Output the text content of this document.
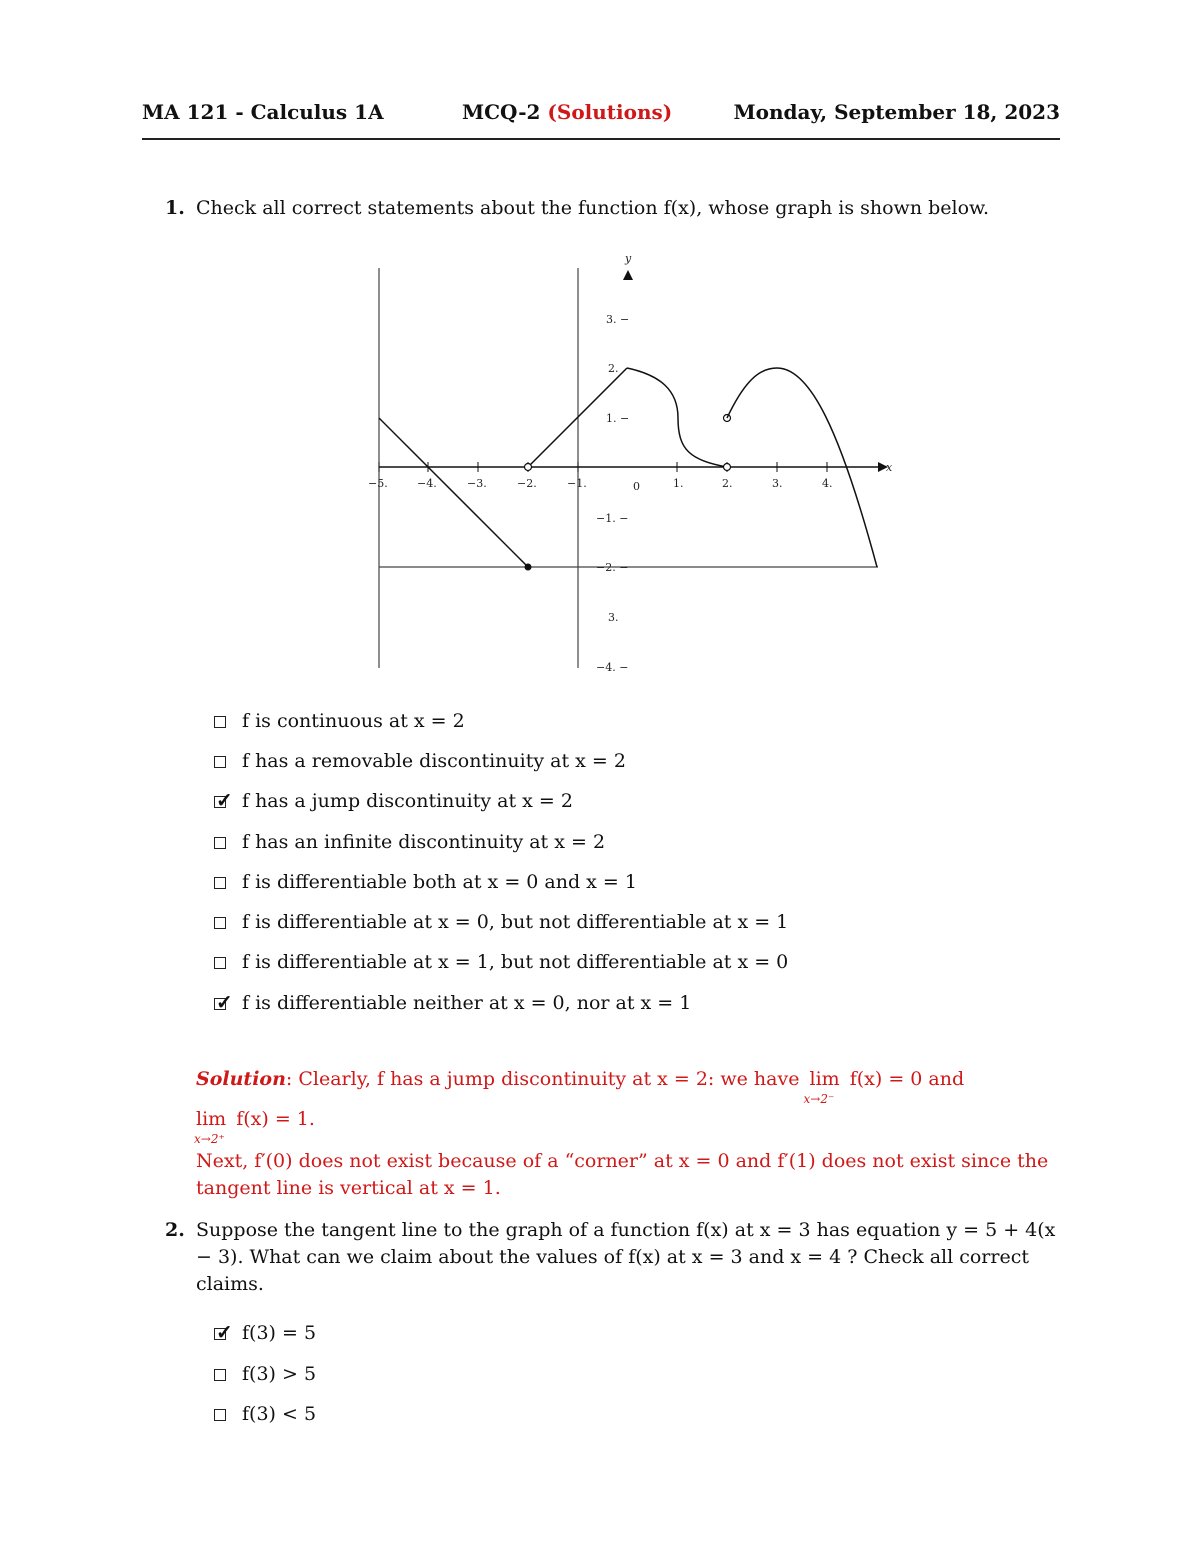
MA 121 - Calculus 1A	MCQ-2 (Solutions)	Monday, September 18, 2023
1. Check all correct statements about the function f(x), whose graph is shown below.
x
y
−5.	−4.	−3.	−2.	−1.	0	1.	2.	3.	4.
3. −
2.
1. −
−1. −
−2. −
3.
−4. −
f is continuous at x = 2
f has a removable discontinuity at x = 2
✓ f has a jump discontinuity at x = 2
f has an infinite discontinuity at x = 2
f is differentiable both at x = 0 and x = 1
f is differentiable at x = 0, but not differentiable at x = 1
f is differentiable at x = 1, but not differentiable at x = 0
✓ f is differentiable neither at x = 0, nor at x = 1
Solution: Clearly, f has a jump discontinuity at x = 2: we have lim
x→2⁻
f(x) = 0 and
lim
x→2⁺
f(x) = 1.
Next, f′(0) does not exist because of a “corner” at x = 0 and f′(1) does not exist since the tangent line is vertical at x = 1.
2. Suppose the tangent line to the graph of a function f(x) at x = 3 has equation y = 5 + 4(x − 3). What can we claim about the values of f(x) at x = 3 and x = 4 ? Check all correct claims.
✓ f(3) = 5
f(3) > 5
f(3) < 5
